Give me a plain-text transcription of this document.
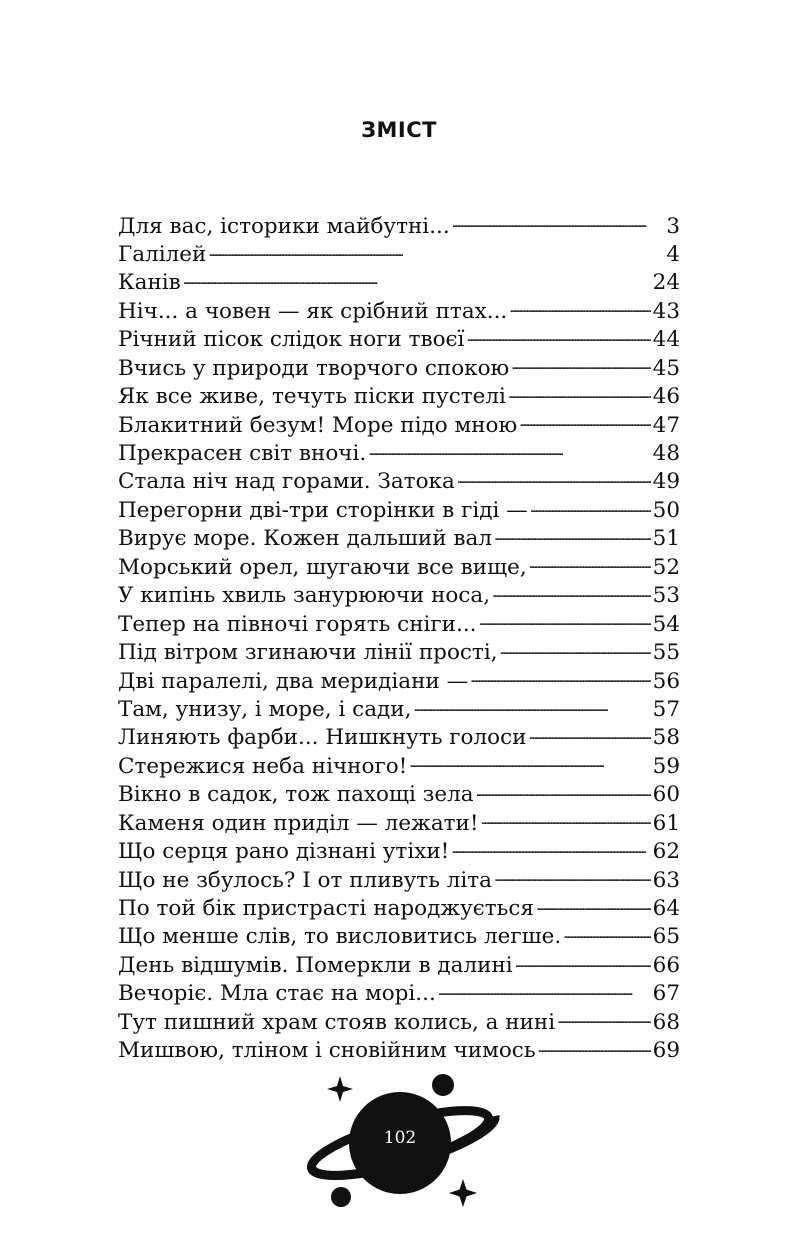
ЗМІСТ
Для вас, історики майбутні... . . .	3
Галілей . . .	4
Канів . . .	24
Ніч... а човен — як срібний птах... . . .	43
Річний пісок слідок ноги твоєї . . .	44
Вчись у природи творчого спокою . . .	45
Як все живе, течуть піски пустелі . . .	46
Блакитний безум! Море підо мною . . .	47
Прекрасен світ вночі. . . .	48
Стала ніч над горами. Затока . . .	49
Перегорни дві-три сторінки в гіді — . . .	50
Вирує море. Кожен дальший вал . . .	51
Морський орел, шугаючи все вище, . . .	52
У кипінь хвиль занурюючи носа, . . .	53
Тепер на півночі горять сніги... . . .	54
Під вітром згинаючи лінії прості, . . .	55
Дві паралелі, два меридіани — . . .	56
Там, унизу, і море, і сади, . . .	57
Линяють фарби... Нишкнуть голоси . . .	58
Стережися неба нічного! . . .	59
Вікно в садок, тож пахощі зела . . .	60
Каменя один приділ — лежати! . . .	61
Що серця рано дізнані утіхи! . . .	62
Що не збулось? І от пливуть літа . . .	63
По той бік пристрасті народжується . . .	64
Що менше слів, то висловитись легше. . . .	65
День відшумів. Померкли в далині . . .	66
Вечоріє. Мла стає на морі... . . .	67
Тут пишний храм стояв колись, а нині . . .	68
Мишвою, тліном і сновійним чимось . . .	69
102
